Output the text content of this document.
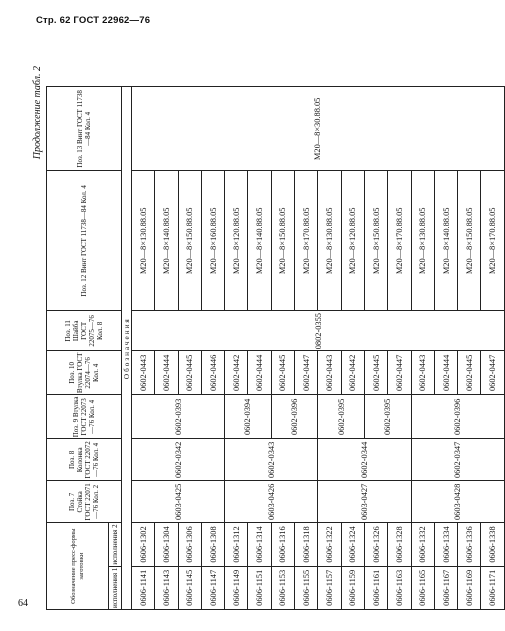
Стр. 62 ГОСТ 22962—76
64
Продолжение табл. 2
Обозначение пресс-формы заготовки		Поз. 7 Стойка ГОСТ 22071—76 Кол. 2	Поз. 8 Колонка ГОСТ 22072—76 Кол. 4	Поз. 9 Втулка ГОСТ 22073—76 Кол. 4	Поз. 10 Втулка ГОСТ 22074—76 Кол. 4	Поз. 11 Шайба ГОСТ 22075—76 Кол. 8	Поз. 12 Винт ГОСТ 11738—84 Кол. 4	Поз. 13 Винт ГОСТ 11738—84 Кол. 4
исполнения 1	исполнения 2							
Обозначения								
0606-1141	0606-1302	0603-0425	0602-0342	0602-0393	0602-0443	0802-0355	М20—8×130.88.05	М20—8×30.88.05
0606-1143	0606-1304				0602-0444		М20—8×140.88.05	
0606-1145	0606-1306				0602-0445		М20—8×150.88.05	
0606-1147	0606-1308				0602-0446		М20—8×160.88.05	
0606-1149	0606-1312	0603-0426	0602-0343	0602-0394	0602-0442		М20—8×120.88.05	
0606-1151	0606-1314				0602-0444		М20—8×140.88.05	
0606-1153	0606-1316			0602-0396	0602-0445		М20—8×150.88.05	
0606-1155	0606-1318				0602-0447		М20—8×170.88.05	
0606-1157	0606-1322	0603-0427	0602-0344	0602-0395	0602-0443		М20—8×130.88.05	
0606-1159	0606-1324				0602-0442		М20—8×120.88.05	
0606-1161	0606-1326			0602-0395	0602-0445		М20—8×150.88.05	
0606-1163	0606-1328				0602-0447		М20—8×170.88.05	
0606-1165	0606-1332	0603-0428	0602-0347	0602-0396	0602-0443		М20—8×130.88.05	
0606-1167	0606-1334				0602-0444		М20—8×140.88.05	
0606-1169	0606-1336				0602-0445		М20—8×150.88.05	
0606-1171	0606-1338				0602-0447		М20—8×170.88.05	
